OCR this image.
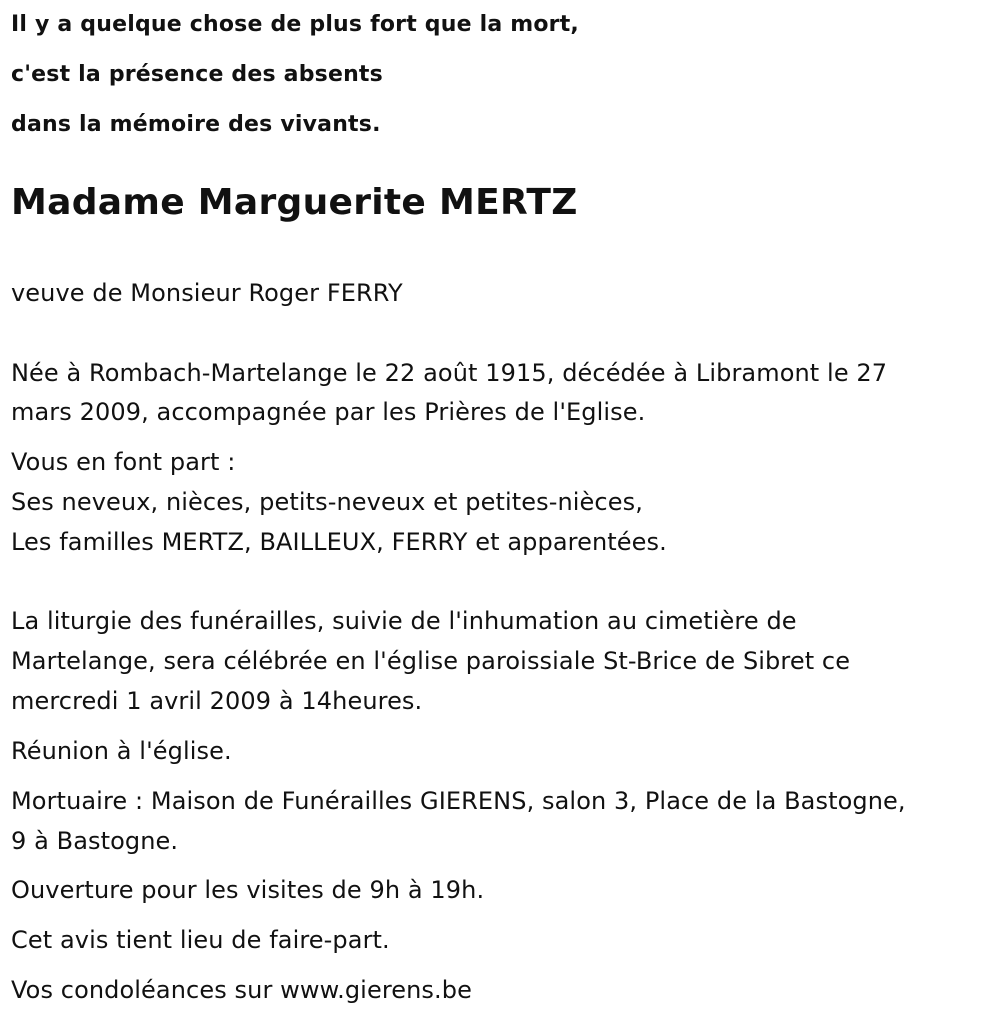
Il y a quelque chose de plus fort que la mort,

c'est la présence des absents

dans la mémoire des vivants.

Madame Marguerite MERTZ

veuve de Monsieur Roger FERRY

Née à Rombach-Martelange le 22 août 1915, décédée à Libramont le 27

mars 2009, accompagnée par les Prières de l'Eglise.

Vous en font part :

Ses neveux, nièces, petits-neveux et petites-nièces,

Les familles MERTZ, BAILLEUX, FERRY et apparentées.

La liturgie des funérailles, suivie de l'inhumation au cimetière de

Martelange, sera célébrée en l'église paroissiale St-Brice de Sibret ce

mercredi 1 avril 2009 à 14heures.

Réunion à l'église.

Mortuaire : Maison de Funérailles GIERENS, salon 3, Place de la Bastogne,

9 à Bastogne.

Ouverture pour les visites de 9h à 19h.

Cet avis tient lieu de faire-part.

Vos condoléances sur www.gierens.be
